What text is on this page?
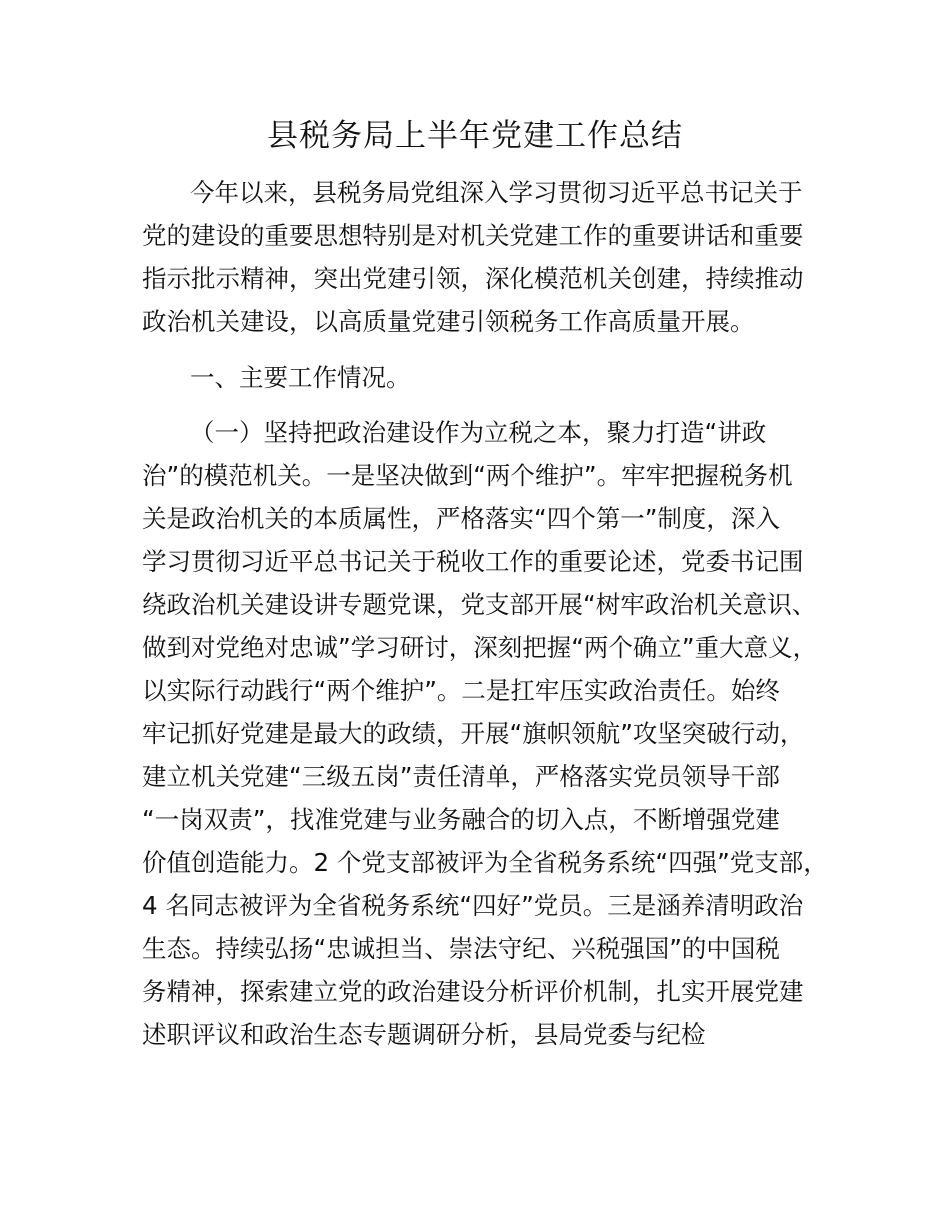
县税务局上半年党建工作总结

今年以来，县税务局党组深入学习贯彻习近平总书记关于

党的建设的重要思想特别是对机关党建工作的重要讲话和重要

指示批示精神，突出党建引领，深化模范机关创建，持续推动

政治机关建设，以高质量党建引领税务工作高质量开展。

一、主要工作情况。

（一）坚持把政治建设作为立税之本，聚力打造“讲政

治”的模范机关。一是坚决做到“两个维护”。牢牢把握税务机

关是政治机关的本质属性，严格落实“四个第一”制度，深入

学习贯彻习近平总书记关于税收工作的重要论述，党委书记围

绕政治机关建设讲专题党课，党支部开展“树牢政治机关意识、

做到对党绝对忠诚”学习研讨，深刻把握“两个确立”重大意义，

以实际行动践行“两个维护”。二是扛牢压实政治责任。始终

牢记抓好党建是最大的政绩，开展“旗帜领航”攻坚突破行动，

建立机关党建“三级五岗”责任清单，严格落实党员领导干部

“一岗双责”，找准党建与业务融合的切入点，不断增强党建

价值创造能力。2 个党支部被评为全省税务系统“四强”党支部，

4 名同志被评为全省税务系统“四好”党员。三是涵养清明政治

生态。持续弘扬“忠诚担当、崇法守纪、兴税强国”的中国税

务精神，探索建立党的政治建设分析评价机制，扎实开展党建

述职评议和政治生态专题调研分析，县局党委与纪检
